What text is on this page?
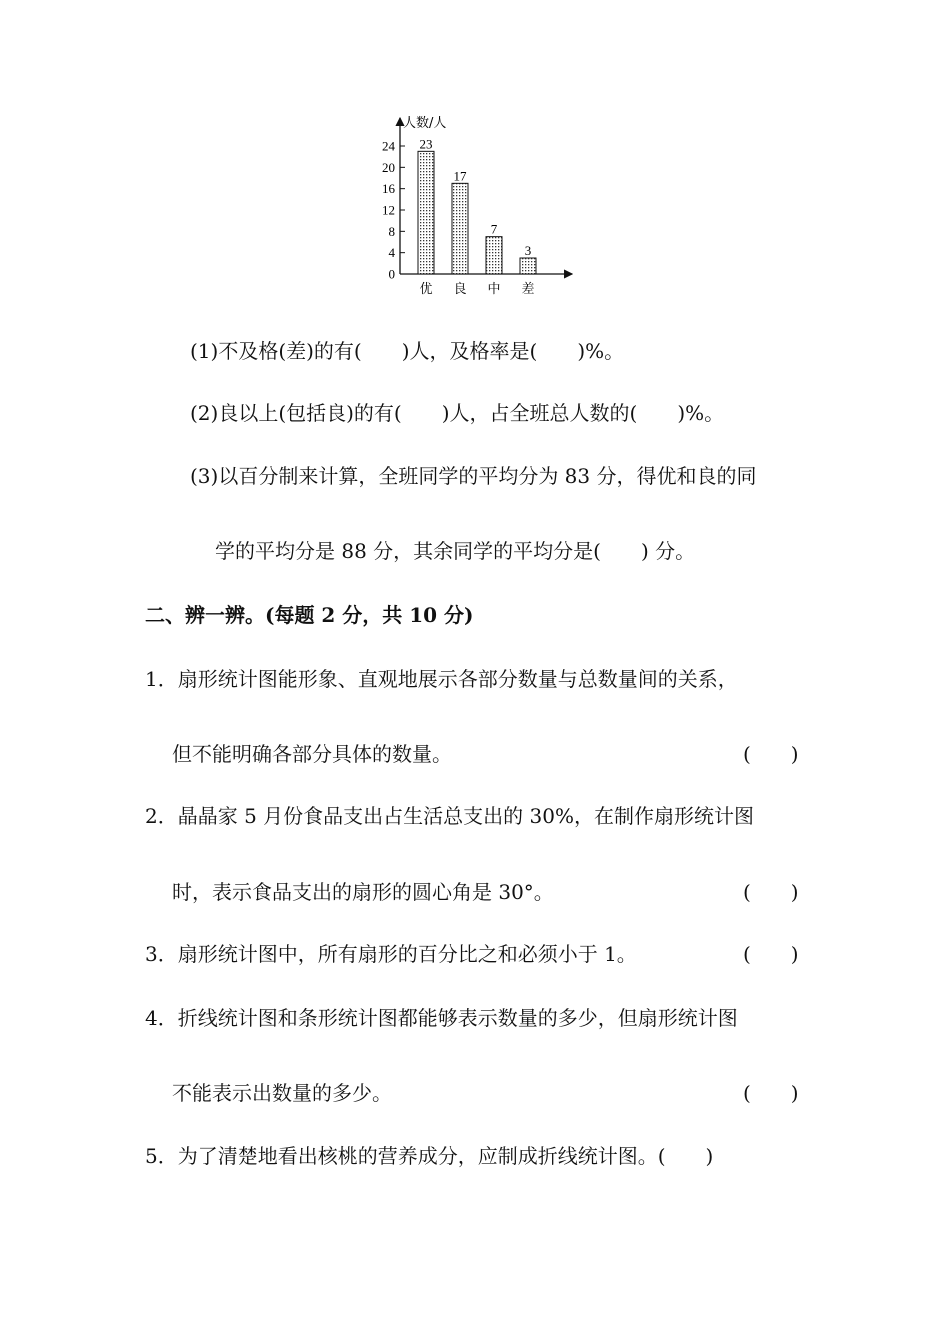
人数/人
0
4
8
12
16
20
24 23
优
17
良
7
中
3
差
(1)不及格(差)的有(　　)人，及格率是(　　)%。
(2)良以上(包括良)的有(　　)人，占全班总人数的(　　)%。
(3)以百分制来计算，全班同学的平均分为 83 分，得优和良的同
学的平均分是 88 分，其余同学的平均分是(　　) 分。
二、辨一辨。(每题 2 分，共 10 分)
1．扇形统计图能形象、直观地展示各部分数量与总数量间的关系，
但不能明确各部分具体的数量。	(　　)
2．晶晶家 5 月份食品支出占生活总支出的 30%，在制作扇形统计图
时，表示食品支出的扇形的圆心角是 30°。	(　　)
3．扇形统计图中，所有扇形的百分比之和必须小于 1。	(　　)
4．折线统计图和条形统计图都能够表示数量的多少，但扇形统计图
不能表示出数量的多少。	(　　)
5．为了清楚地看出核桃的营养成分，应制成折线统计图。(　　)
